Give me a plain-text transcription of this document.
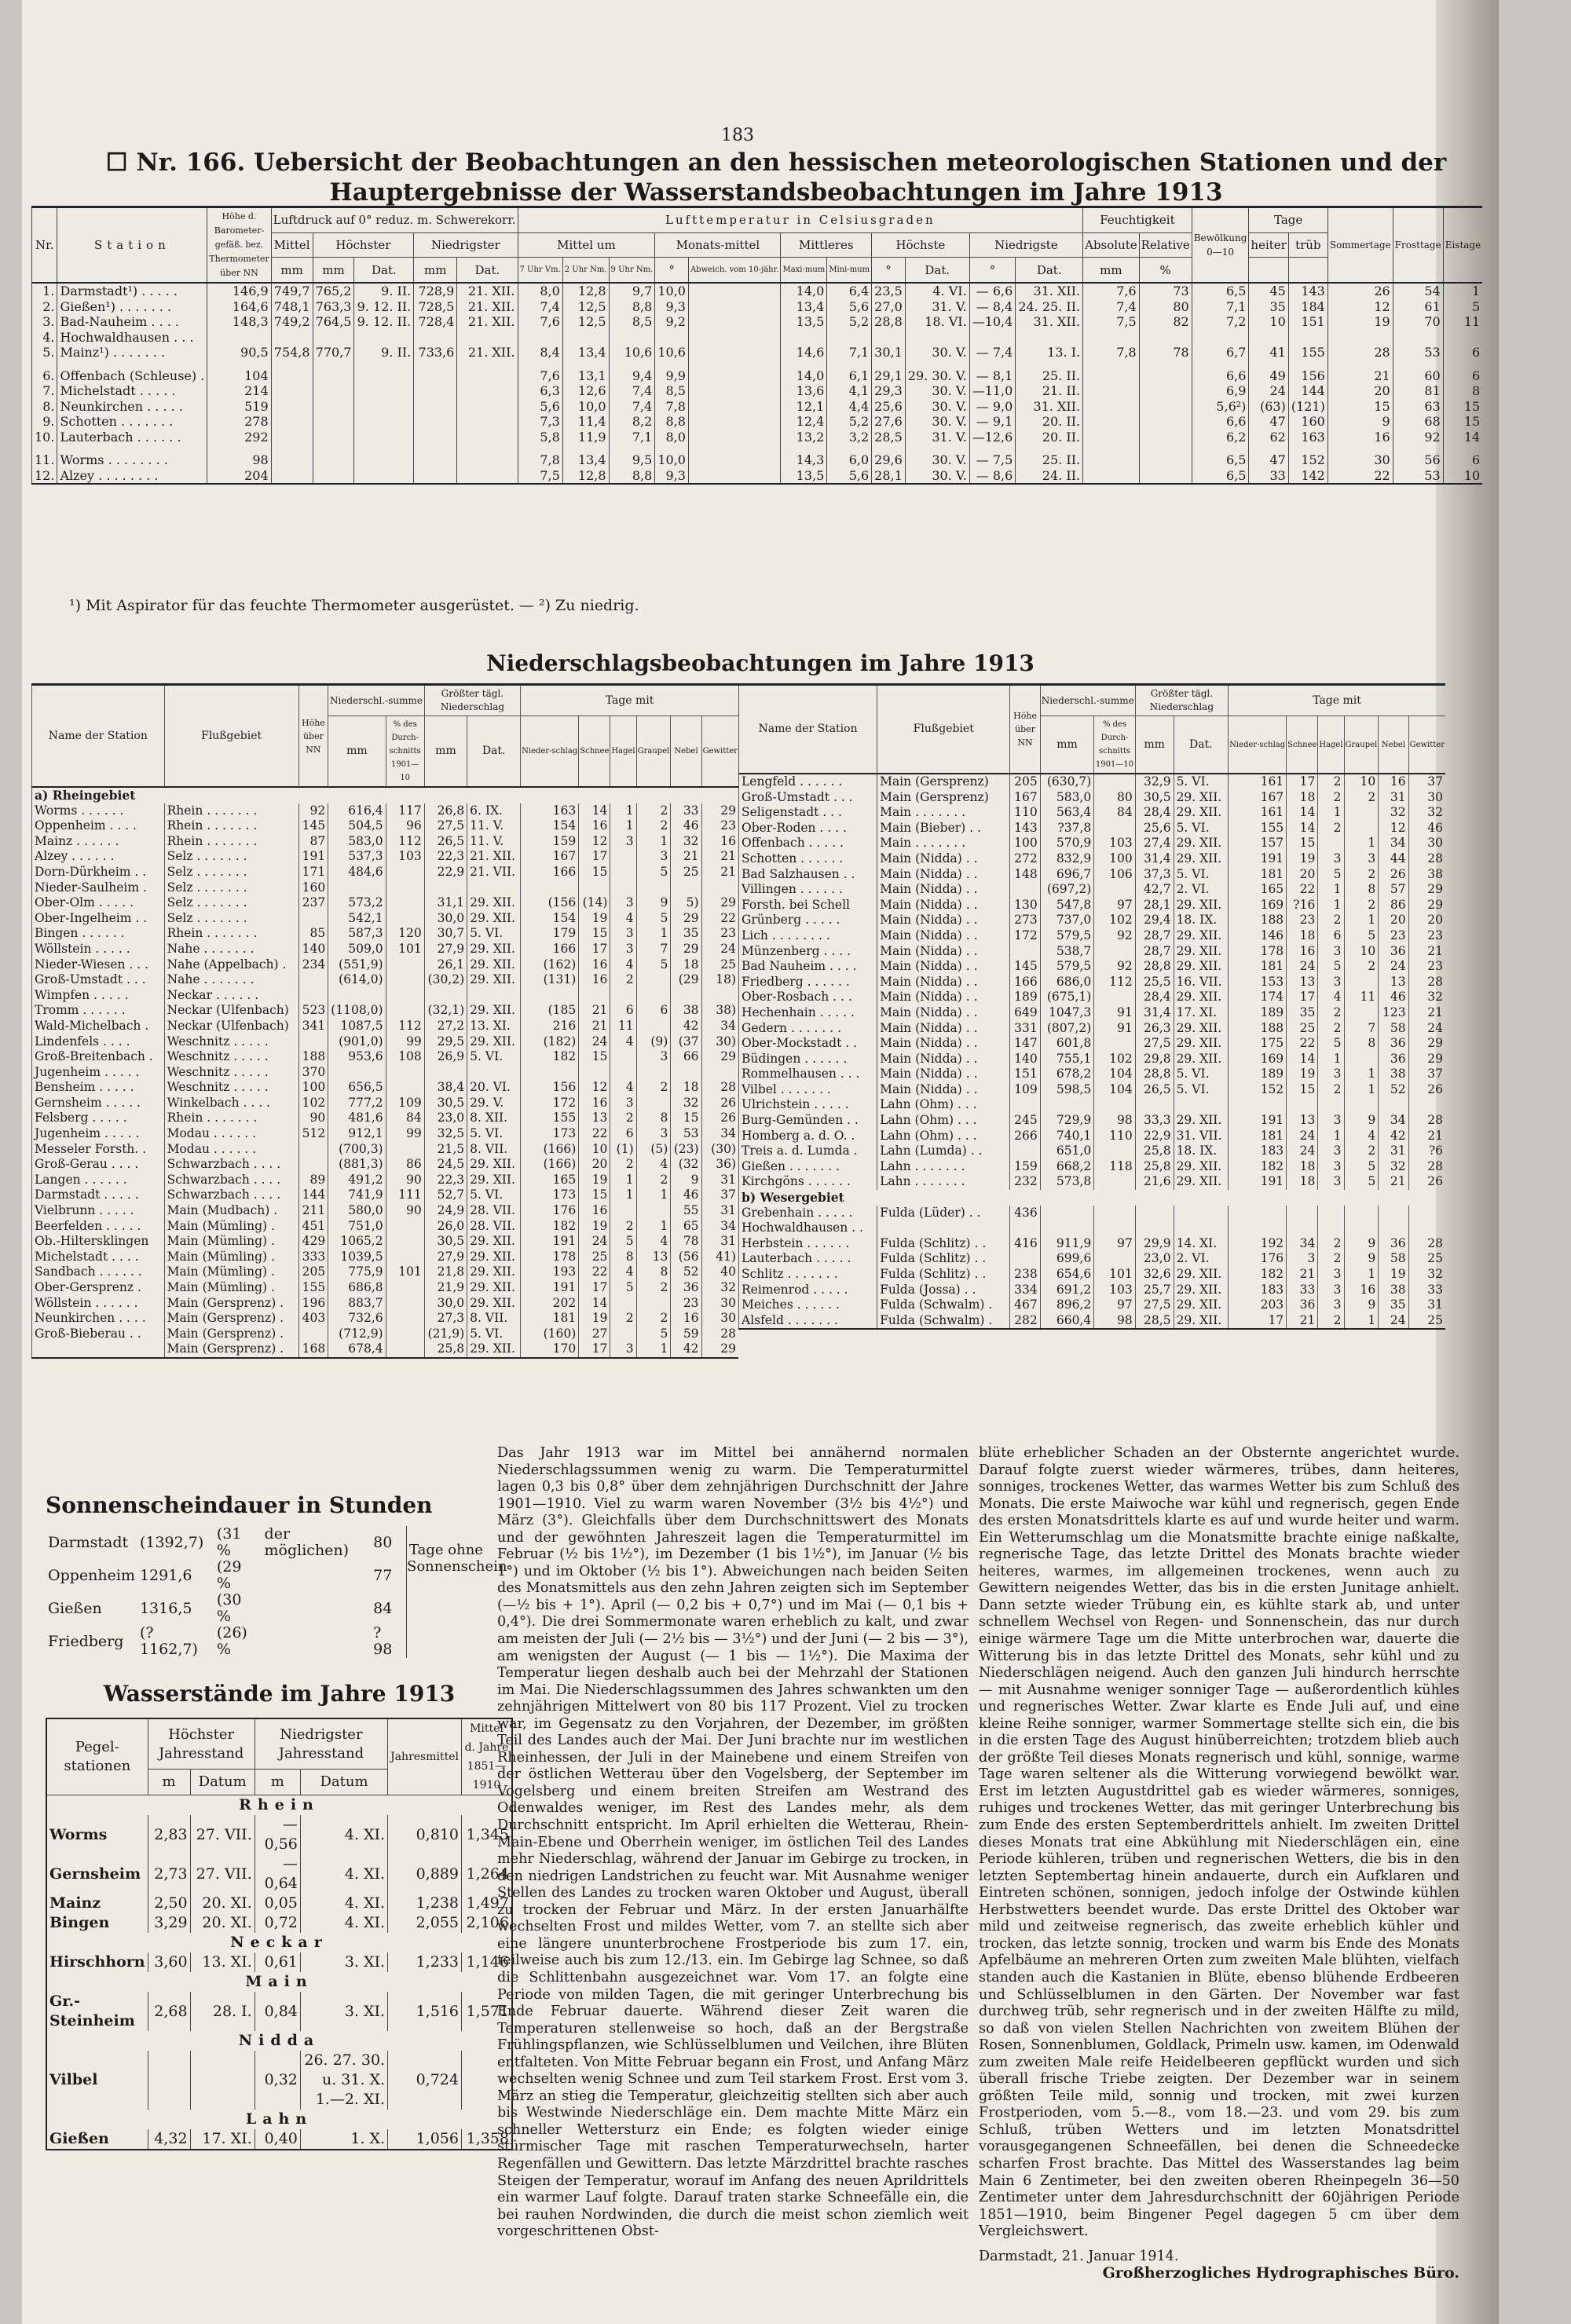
183
☐ Nr. 166. Uebersicht der Beobachtungen an den hessischen meteorologischen Stationen und der Hauptergebnisse der Wasserstandsbeobachtungen im Jahre 1913
Nr.	Station	Höhe d. Barometer-gefäß. bez. Thermometer über NN	Luftdruck auf 0° reduz. m. Schwerekorr.					Lufttemperatur in Celsiusgraden											Feuchtigkeit		Bewölkung 0—10	Tage		Sommertage	Frosttage	Eistage
			Mittel	Höchster		Niedrigster		Mittel um			Monats-mittel		Mittleres		Höchste		Niedrigste		Absolute	Relative		heiter	trüb			
			mm	mm	Dat.	mm	Dat.	7 Uhr Vm.	2 Uhr Nm.	9 Uhr Nm.	°	Abweich. vom 10-jähr.	Maxi-mum	Mini-mum	°	Dat.	°	Dat.	mm	%						
1.	Darmstadt¹) . . . . .	146,9	749,7	765,2	9. II.	728,9	21. XII.	8,0	12,8	9,7	10,0		14,0	6,4	23,5	4. VI.	— 6,6	31. XII.	7,6	73	6,5	45	143	26	54	1
2.	Gießen¹) . . . . . . .	164,6	748,1	763,3	9. 12. II.	728,5	21. XII.	7,4	12,5	8,8	9,3		13,4	5,6	27,0	31. V.	— 8,4	24. 25. II.	7,4	80	7,1	35	184	12	61	5
3.	Bad-Nauheim . . . .	148,3	749,2	764,5	9. 12. II.	728,4	21. XII.	7,6	12,5	8,5	9,2		13,5	5,2	28,8	18. VI.	—10,4	31. XII.	7,5	82	7,2	10	151	19	70	11
4.	Hochwaldhausen . . .																									
5.	Mainz¹) . . . . . . .	90,5	754,8	770,7	9. II.	733,6	21. XII.	8,4	13,4	10,6	10,6		14,6	7,1	30,1	30. V.	— 7,4	13. I.	7,8	78	6,7	41	155	28	53	6
6.	Offenbach (Schleuse) .	104						7,6	13,1	9,4	9,9		14,0	6,1	29,1	29. 30. V.	— 8,1	25. II.			6,6	49	156	21	60	6
7.	Michelstadt . . . . .	214						6,3	12,6	7,4	8,5		13,6	4,1	29,3	30. V.	—11,0	21. II.			6,9	24	144	20	81	8
8.	Neunkirchen . . . . .	519						5,6	10,0	7,4	7,8		12,1	4,4	25,6	30. V.	— 9,0	31. XII.			5,6²)	(63)	(121)	15	63	15
9.	Schotten . . . . . . .	278						7,3	11,4	8,2	8,8		12,4	5,2	27,6	30. V.	— 9,1	20. II.			6,6	47	160	9	68	15
10.	Lauterbach . . . . . .	292						5,8	11,9	7,1	8,0		13,2	3,2	28,5	31. V.	—12,6	20. II.			6,2	62	163	16	92	14
11.	Worms . . . . . . . .	98						7,8	13,4	9,5	10,0		14,3	6,0	29,6	30. V.	— 7,5	25. II.			6,5	47	152	30	56	6
12.	Alzey . . . . . . . .	204						7,5	12,8	8,8	9,3		13,5	5,6	28,1	30. V.	— 8,6	24. II.			6,5	33	142	22	53	10
¹) Mit Aspirator für das feuchte Thermometer ausgerüstet. — ²) Zu niedrig.
Niederschlagsbeobachtungen im Jahre 1913
Name der Station	Flußgebiet	Höhe über NN	Niederschl.-summe		Größter tägl. Niederschlag		Tage mit					
			mm	% des Durch-schnitts 1901—10	mm	Dat.	Nieder-schlag	Schnee	Hagel	Graupel	Nebel	Gewitter
a) Rheingebiet												
Worms . . . . . .	Rhein . . . . . . .	92	616,4	117	26,8	6. IX.	163	14	1	2	33	29
Oppenheim . . . .	Rhein . . . . . . .	145	504,5	96	27,5	11. V.	154	16	1	2	46	23
Mainz . . . . . .	Rhein . . . . . . .	87	583,0	112	26,5	11. V.	159	12	3	1	32	16
Alzey . . . . . .	Selz . . . . . . .	191	537,3	103	22,3	21. XII.	167	17		3	21	21
Dorn-Dürkheim . .	Selz . . . . . . .	171	484,6		22,9	21. VII.	166	15		5	25	21
Nieder-Saulheim .	Selz . . . . . . .	160										
Ober-Olm . . . . .	Selz . . . . . . .	237	573,2		31,1	29. XII.	(156	(14)	3	9	5)	29
Ober-Ingelheim . .	Selz . . . . . . .		542,1		30,0	29. XII.	154	19	4	5	29	22
Bingen . . . . . .	Rhein . . . . . . .	85	587,3	120	30,7	5. VI.	179	15	3	1	35	23
Wöllstein . . . . .	Nahe . . . . . . .	140	509,0	101	27,9	29. XII.	166	17	3	7	29	24
Nieder-Wiesen . . .	Nahe (Appelbach) .	234	(551,9)		26,1	29. XII.	(162)	16	4	5	18	25
Groß-Umstadt . . .	Nahe . . . . . . .		(614,0)		(30,2)	29. XII.	(131)	16	2		(29	18)
Wimpfen . . . . .	Neckar . . . . . .											
Tromm . . . . . .	Neckar (Ulfenbach)	523	(1108,0)		(32,1)	29. XII.	(185	21	6	6	38	38)
Wald-Michelbach .	Neckar (Ulfenbach)	341	1087,5	112	27,2	13. XI.	216	21	11		42	34
Lindenfels . . . .	Weschnitz . . . . .		(901,0)	99	29,5	29. XII.	(182)	24	4	(9)	(37	30)
Groß-Breitenbach .	Weschnitz . . . . .	188	953,6	108	26,9	5. VI.	182	15		3	66	29
Jugenheim . . . . .	Weschnitz . . . . .	370										
Bensheim . . . . .	Weschnitz . . . . .	100	656,5		38,4	20. VI.	156	12	4	2	18	28
Gernsheim . . . . .	Winkelbach . . . .	102	777,2	109	30,5	29. V.	172	16	3		32	26
Felsberg . . . . .	Rhein . . . . . . .	90	481,6	84	23,0	8. XII.	155	13	2	8	15	26
Jugenheim . . . . .	Modau . . . . . .	512	912,1	99	32,5	5. VI.	173	22	6	3	53	34
Messeler Forsth. .	Modau . . . . . .		(700,3)		21,5	8. VII.	(166)	10	(1)	(5)	(23)	(30)
Groß-Gerau . . . .	Schwarzbach . . . .		(881,3)	86	24,5	29. XII.	(166)	20	2	4	(32	36)
Langen . . . . . .	Schwarzbach . . . .	89	491,2	90	22,3	29. XII.	165	19	1	2	9	31
Darmstadt . . . . .	Schwarzbach . . . .	144	741,9	111	52,7	5. VI.	173	15	1	1	46	37
Vielbrunn . . . . .	Main (Mudbach) .	211	580,0	90	24,9	28. VII.	176	16			55	31
Beerfelden . . . . .	Main (Mümling) .	451	751,0		26,0	28. VII.	182	19	2	1	65	34
Ob.-Hiltersklingen	Main (Mümling) .	429	1065,2		30,5	29. XII.	191	24	5	4	78	31
Michelstadt . . . .	Main (Mümling) .	333	1039,5		27,9	29. XII.	178	25	8	13	(56	41)
Sandbach . . . . . .	Main (Mümling) .	205	775,9	101	21,8	29. XII.	193	22	4	8	52	40
Ober-Gersprenz .	Main (Mümling) .	155	686,8		21,9	29. XII.	191	17	5	2	36	32
Wöllstein . . . . . .	Main (Gersprenz) .	196	883,7		30,0	29. XII.	202	14			23	30
Neunkirchen . . . .	Main (Gersprenz) .	403	732,6		27,3	8. VII.	181	19	2	2	16	30
Groß-Bieberau . .	Main (Gersprenz) .		(712,9)		(21,9)	5. VI.	(160)	27		5	59	28
	Main (Gersprenz) .	168	678,4		25,8	29. XII.	170	17	3	1	42	29
Name der Station	Flußgebiet	Höhe über NN	Niederschl.-summe		Größter tägl. Niederschlag		Tage mit					
			mm	% des Durch-schnitts 1901—10	mm	Dat.	Nieder-schlag	Schnee	Hagel	Graupel	Nebel	Gewitter
Lengfeld . . . . . .	Main (Gersprenz)	205	(630,7)		32,9	5. VI.	161	17	2	10	16	37
Groß-Umstadt . . .	Main (Gersprenz)	167	583,0	80	30,5	29. XII.	167	18	2	2	31	30
Seligenstadt . . .	Main . . . . . . .	110	563,4	84	28,4	29. XII.	161	14	1		32	32
Ober-Roden . . . .	Main (Bieber) . .	143	?37,8		25,6	5. VI.	155	14	2		12	46
Offenbach . . . . .	Main . . . . . . .	100	570,9	103	27,4	29. XII.	157	15		1	34	30
Schotten . . . . . .	Main (Nidda) . .	272	832,9	100	31,4	29. XII.	191	19	3	3	44	28
Bad Salzhausen . .	Main (Nidda) . .	148	696,7	106	37,3	5. VI.	181	20	5	2	26	38
Villingen . . . . . .	Main (Nidda) . .		(697,2)		42,7	2. VI.	165	22	1	8	57	29
Forsth. bei Schell	Main (Nidda) . .	130	547,8	97	28,1	29. XII.	169	?16	1	2	86	29
Grünberg . . . . .	Main (Nidda) . .	273	737,0	102	29,4	18. IX.	188	23	2	1	20	20
Lich . . . . . . . .	Main (Nidda) . .	172	579,5	92	28,7	29. XII.	146	18	6	5	23	23
Münzenberg . . . .	Main (Nidda) . .		538,7		28,7	29. XII.	178	16	3	10	36	21
Bad Nauheim . . . .	Main (Nidda) . .	145	579,5	92	28,8	29. XII.	181	24	5	2	24	23
Friedberg . . . . . .	Main (Nidda) . .	166	686,0	112	25,5	16. VII.	153	13	3		13	28
Ober-Rosbach . . .	Main (Nidda) . .	189	(675,1)		28,4	29. XII.	174	17	4	11	46	32
Hechenhain . . . . .	Main (Nidda) . .	649	1047,3	91	31,4	17. XI.	189	35	2		123	21
Gedern . . . . . . .	Main (Nidda) . .	331	(807,2)	91	26,3	29. XII.	188	25	2	7	58	24
Ober-Mockstadt . .	Main (Nidda) . .	147	601,8		27,5	29. XII.	175	22	5	8	36	29
Büdingen . . . . . .	Main (Nidda) . .	140	755,1	102	29,8	29. XII.	169	14	1		36	29
Rommelhausen . . .	Main (Nidda) . .	151	678,2	104	28,8	5. VI.	189	19	3	1	38	37
Vilbel . . . . . . .	Main (Nidda) . .	109	598,5	104	26,5	5. VI.	152	15	2	1	52	26
Ulrichstein . . . . .	Lahn (Ohm) . . .											
Burg-Gemünden . .	Lahn (Ohm) . . .	245	729,9	98	33,3	29. XII.	191	13	3	9	34	28
Homberg a. d. O. .	Lahn (Ohm) . . .	266	740,1	110	22,9	31. VII.	181	24	1	4	42	21
Treis a. d. Lumda .	Lahn (Lumda) . .		651,0		25,8	18. IX.	183	24	3	2	31	?6
Gießen . . . . . . .	Lahn . . . . . . .	159	668,2	118	25,8	29. XII.	182	18	3	5	32	28
Kirchgöns . . . . . .	Lahn . . . . . . .	232	573,8		21,6	29. XII.	191	18	3	5	21	26
b) Wesergebiet												
Grebenhain . . . . .	Fulda (Lüder) . .	436										
Hochwaldhausen . .												
Herbstein . . . . . .	Fulda (Schlitz) . .	416	911,9	97	29,9	14. XI.	192	34	2	9	36	28
Lauterbach . . . . .	Fulda (Schlitz) . .		699,6		23,0	2. VI.	176	3	2	9	58	25
Schlitz . . . . . . .	Fulda (Schlitz) . .	238	654,6	101	32,6	29. XII.	182	21	3	1	19	32
Reimenrod . . . . .	Fulda (Jossa) . .	334	691,2	103	25,7	29. XII.	183	33	3	16	38	33
Meiches . . . . . .	Fulda (Schwalm) .	467	896,2	97	27,5	29. XII.	203	36	3	9	35	31
Alsfeld . . . . . . .	Fulda (Schwalm) .	282	660,4	98	28,5	29. XII.	17	21	2	1	24	25
Sonnenscheindauer in Stunden
Darmstadt	(1392,7)	(31 %	der möglichen)	80
Oppenheim	1291,6	(29 %		77
Gießen	1316,5	(30 %		84
Friedberg	(? 1162,7)	(26) %		?98
Tage ohne Sonnenschein
Wasserstände im Jahre 1913
Pegel-stationen	Höchster Jahresstand		Niedrigster Jahresstand		Jahresmittel	Mittel d. Jahre 1851—1910
	m	Datum	m	Datum		
Rhein						
Worms	2,83	27. VII.	—0,56	4. XI.	0,810	1,345
Gernsheim	2,73	27. VII.	—0,64	4. XI.	0,889	1,264
Mainz	2,50	20. XI.	0,05	4. XI.	1,238	1,497
Bingen	3,29	20. XI.	0,72	4. XI.	2,055	2,106
Neckar						
Hirschhorn	3,60	13. XI.	0,61	3. XI.	1,233	1,146
Main						
Gr.-Steinheim	2,68	28. I.	0,84	3. XI.	1,516	1,571
Nidda						
Vilbel			0,32	26. 27. 30. u. 31. X. 1.—2. XI.	0,724	
Lahn						
Gießen	4,32	17. XI.	0,40	1. X.	1,056	1,358
Das Jahr 1913 war im Mittel bei annähernd normalen Niederschlagssummen wenig zu warm. Die Temperaturmittel lagen 0,3 bis 0,8° über dem zehnjährigen Durchschnitt der Jahre 1901—1910. Viel zu warm waren November (3½ bis 4½°) und März (3°). Gleichfalls über dem Durchschnittswert des Monats und der gewöhnten Jahreszeit lagen die Temperaturmittel im Februar (½ bis 1½°), im Dezember (1 bis 1½°), im Januar (½ bis 1°) und im Oktober (½ bis 1°). Abweichungen nach beiden Seiten des Monatsmittels aus den zehn Jahren zeigten sich im September (—½ bis + 1°). April (— 0,2 bis + 0,7°) und im Mai (— 0,1 bis + 0,4°). Die drei Sommermonate waren erheblich zu kalt, und zwar am meisten der Juli (— 2½ bis — 3½°) und der Juni (— 2 bis — 3°), am wenigsten der August (— 1 bis — 1½°). Die Maxima der Temperatur liegen deshalb auch bei der Mehrzahl der Stationen im Mai. Die Niederschlagssummen des Jahres schwankten um den zehnjährigen Mittelwert von 80 bis 117 Prozent. Viel zu trocken war, im Gegensatz zu den Vorjahren, der Dezember, im größten Teil des Landes auch der Mai. Der Juni brachte nur im westlichen Rheinhessen, der Juli in der Mainebene und einem Streifen von der östlichen Wetterau über den Vogelsberg, der September im Vogelsberg und einem breiten Streifen am Westrand des Odenwaldes weniger, im Rest des Landes mehr, als dem Durchschnitt entspricht. Im April erhielten die Wetterau, Rhein-Main-Ebene und Oberrhein weniger, im östlichen Teil des Landes mehr Niederschlag, während der Januar im Gebirge zu trocken, in den niedrigen Landstrichen zu feucht war. Mit Ausnahme weniger Stellen des Landes zu trocken waren Oktober und August, überall zu trocken der Februar und März. In der ersten Januarhälfte wechselten Frost und mildes Wetter, vom 7. an stellte sich aber eine längere ununterbrochene Frostperiode bis zum 17. ein, teilweise auch bis zum 12./13. ein. Im Gebirge lag Schnee, so daß die Schlittenbahn ausgezeichnet war. Vom 17. an folgte eine Periode von milden Tagen, die mit geringer Unterbrechung bis Ende Februar dauerte. Während dieser Zeit waren die Temperaturen stellenweise so hoch, daß an der Bergstraße Frühlingspflanzen, wie Schlüsselblumen und Veilchen, ihre Blüten entfalteten. Von Mitte Februar begann ein Frost, und Anfang März wechselten wenig Schnee und zum Teil starkem Frost. Erst vom 3. März an stieg die Temperatur, gleichzeitig stellten sich aber auch bis Westwinde Niederschläge ein. Dem machte Mitte März ein schneller Wettersturz ein Ende; es folgten wieder einige stürmischer Tage mit raschen Temperaturwechseln, harter Regenfällen und Gewittern. Das letzte Märzdrittel brachte rasches Steigen der Temperatur, worauf im Anfang des neuen Aprildrittels ein warmer Lauf folgte. Darauf traten starke Schneefälle ein, die bei rauhen Nordwinden, die durch die meist schon ziemlich weit vorgeschrittenen Obst-
blüte erheblicher Schaden an der Obsternte angerichtet wurde. Darauf folgte zuerst wieder wärmeres, trübes, dann heiteres, sonniges, trockenes Wetter, das warmes Wetter bis zum Schluß des Monats. Die erste Maiwoche war kühl und regnerisch, gegen Ende des ersten Monatsdrittels klarte es auf und wurde heiter und warm. Ein Wetterumschlag um die Monatsmitte brachte einige naßkalte, regnerische Tage, das letzte Drittel des Monats brachte wieder heiteres, warmes, im allgemeinen trockenes, wenn auch zu Gewittern neigendes Wetter, das bis in die ersten Junitage anhielt. Dann setzte wieder Trübung ein, es kühlte stark ab, und unter schnellem Wechsel von Regen- und Sonnenschein, das nur durch einige wärmere Tage um die Mitte unterbrochen war, dauerte die Witterung bis in das letzte Drittel des Monats, sehr kühl und zu Niederschlägen neigend. Auch den ganzen Juli hindurch herrschte — mit Ausnahme weniger sonniger Tage — außerordentlich kühles und regnerisches Wetter. Zwar klarte es Ende Juli auf, und eine kleine Reihe sonniger, warmer Sommertage stellte sich ein, die bis in die ersten Tage des August hinüberreichten; trotzdem blieb auch der größte Teil dieses Monats regnerisch und kühl, sonnige, warme Tage waren seltener als die Witterung vorwiegend bewölkt war. Erst im letzten Augustdrittel gab es wieder wärmeres, sonniges, ruhiges und trockenes Wetter, das mit geringer Unterbrechung bis zum Ende des ersten Septemberdrittels anhielt. Im zweiten Drittel dieses Monats trat eine Abkühlung mit Niederschlägen ein, eine Periode kühleren, trüben und regnerischen Wetters, die bis in den letzten Septembertag hinein andauerte, durch ein Aufklaren und Eintreten schönen, sonnigen, jedoch infolge der Ostwinde kühlen Herbstwetters beendet wurde. Das erste Drittel des Oktober war mild und zeitweise regnerisch, das zweite erheblich kühler und trocken, das letzte sonnig, trocken und warm bis Ende des Monats Apfelbäume an mehreren Orten zum zweiten Male blühten, vielfach standen auch die Kastanien in Blüte, ebenso blühende Erdbeeren und Schlüsselblumen in den Gärten. Der November war fast durchweg trüb, sehr regnerisch und in der zweiten Hälfte zu mild, so daß von vielen Stellen Nachrichten von zweitem Blühen der Rosen, Sonnenblumen, Goldlack, Primeln usw. kamen, im Odenwald zum zweiten Male reife Heidelbeeren gepflückt wurden und sich überall frische Triebe zeigten. Der Dezember war in seinem größten Teile mild, sonnig und trocken, mit zwei kurzen Frostperioden, vom 5.—8., vom 18.—23. und vom 29. bis zum Schluß, trüben Wetters und im letzten Monatsdrittel vorausgegangenen Schneefällen, bei denen die Schneedecke scharfen Frost brachte. Das Mittel des Wasserstandes lag beim Main 6 Zentimeter, bei den zweiten oberen Rheinpegeln 36—50 Zentimeter unter dem Jahresdurchschnitt der 60jährigen Periode 1851—1910, beim Bingener Pegel dagegen 5 cm über dem Vergleichswert.
Darmstadt, 21. Januar 1914.
Großherzogliches Hydrographisches Büro.
